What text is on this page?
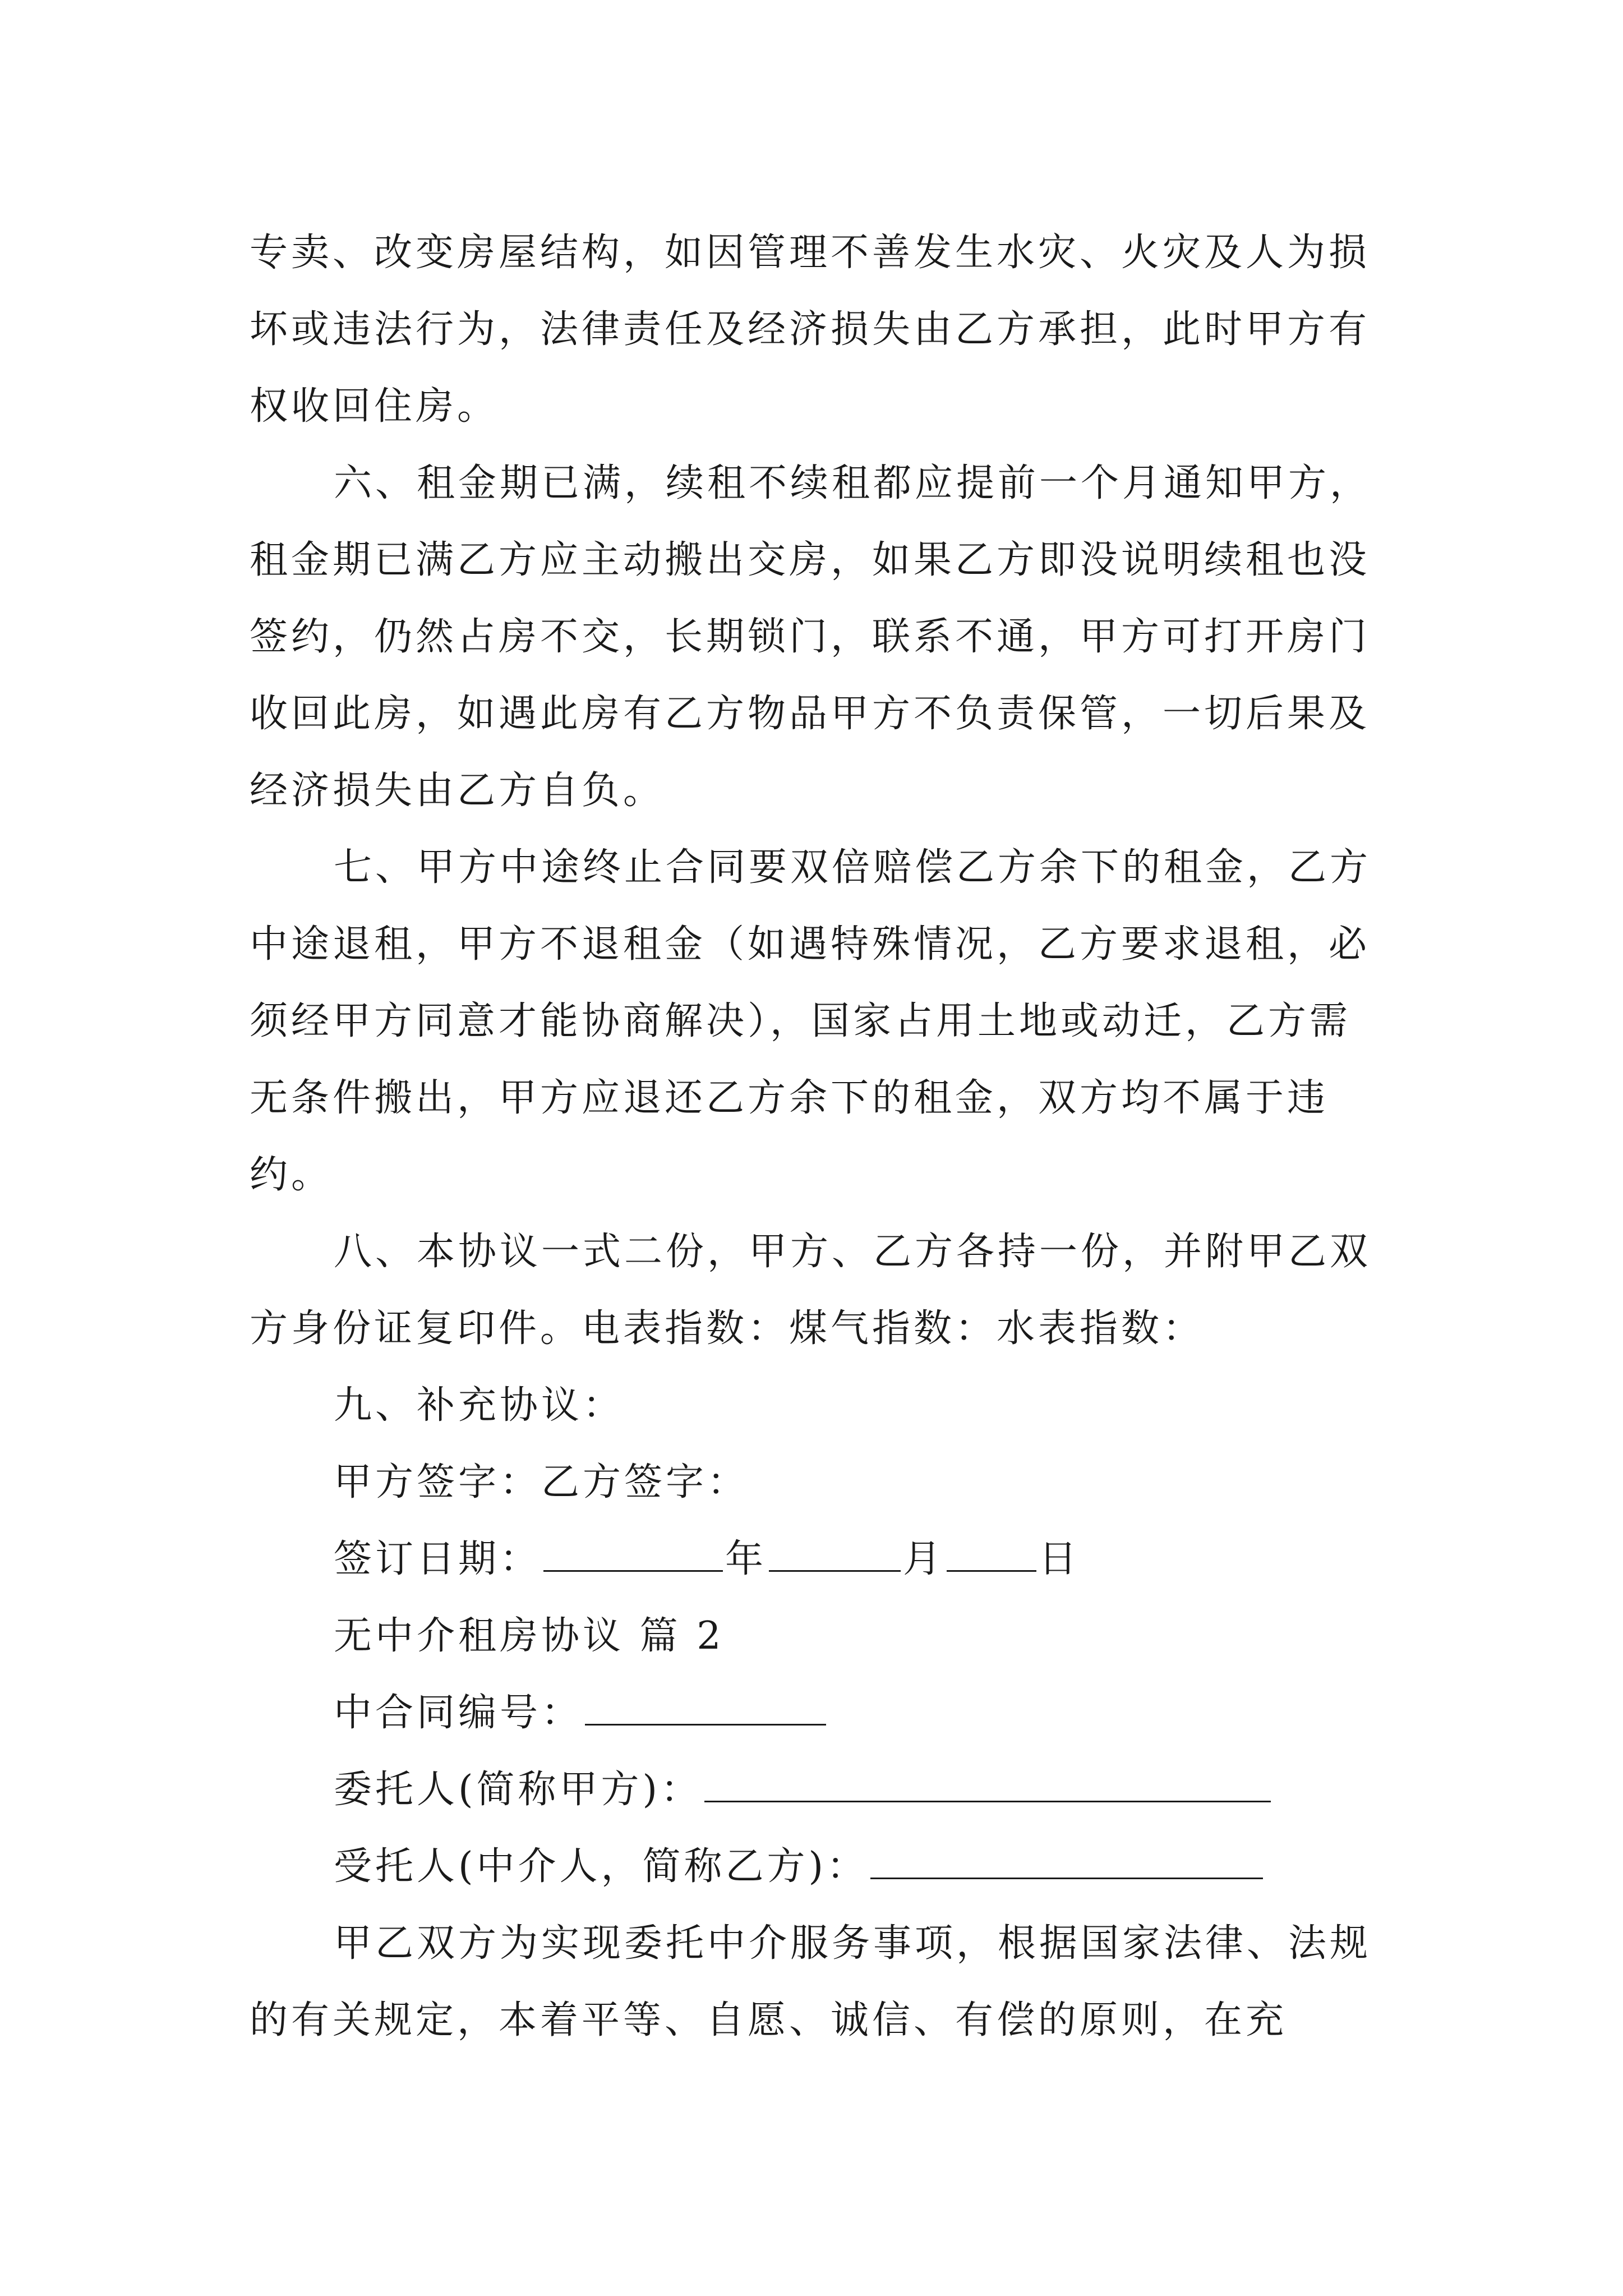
专卖、改变房屋结构，如因管理不善发生水灾、火灾及人为损坏或违法行为，法律责任及经济损失由乙方承担，此时甲方有权收回住房。

六、租金期已满，续租不续租都应提前一个月通知甲方，租金期已满乙方应主动搬出交房，如果乙方即没说明续租也没签约，仍然占房不交，长期锁门，联系不通，甲方可打开房门收回此房，如遇此房有乙方物品甲方不负责保管，一切后果及经济损失由乙方自负。

七、甲方中途终止合同要双倍赔偿乙方余下的租金，乙方中途退租，甲方不退租金（如遇特殊情况，乙方要求退租，必须经甲方同意才能协商解决），国家占用土地或动迁，乙方需无条件搬出，甲方应退还乙方余下的租金，双方均不属于违约。

八、本协议一式二份，甲方、乙方各持一份，并附甲乙双方身份证复印件。电表指数：煤气指数：水表指数：

九、补充协议：

甲方签字：乙方签字：

签订日期：	年	月 日

无中介租房协议 篇 2

中合同编号：

委托人(简称甲方)：

受托人(中介人，简称乙方)：

甲乙双方为实现委托中介服务事项，根据国家法律、法规的有关规定，本着平等、自愿、诚信、有偿的原则，在充
